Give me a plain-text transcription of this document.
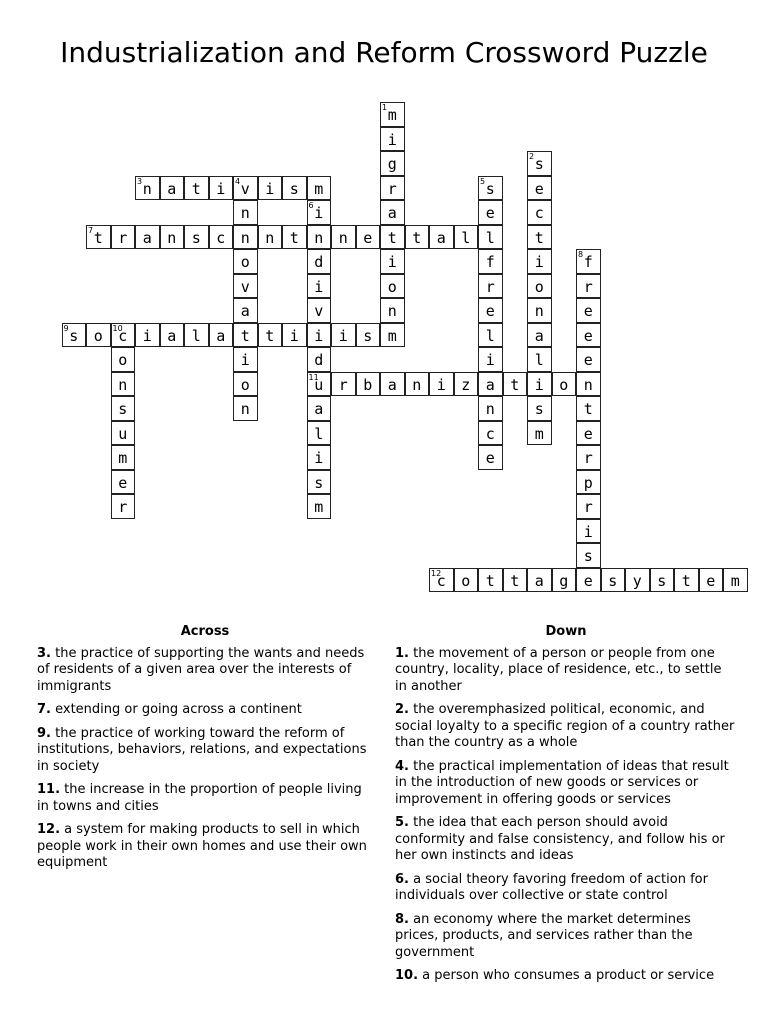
Industrialization and Reform Crossword Puzzle
1 m
i
g
r
a
t
i
o
n
2 s
e
c
t
i
o
n
a
l
i
s
m
3 n	a	t	i	4 v	i	s	m
n
n
o
v
a
t
i
o
n
5 s
e
l
f
r
e
l
i
a
n
c
e
6 i
n
d
i
v
i
d
11
u
a
l
i
s
m
7 t	r	a	n	s	c	n	t	n	e	t	a	l
8 f
r
e
e
e
n
t
e
r
p
r
i
s
e
9 s	o	10
c	i	a	l	a	t	i	i	s	m
o
n
s
u
m
e
r
r	b	a	n	i	z	t	o
12
c	o	t	t	a	g	s	y	s	t	e	m
Across
3. the practice of supporting the wants and needs of residents of a given area over the interests of immigrants
7. extending or going across a continent
9. the practice of working toward the reform of institutions, behaviors, relations, and expectations in society
11. the increase in the proportion of people living in towns and cities
12. a system for making products to sell in which people work in their own homes and use their own equipment
Down
1. the movement of a person or people from one country, locality, place of residence, etc., to settle in another
2. the overemphasized political, economic, and social loyalty to a specific region of a country rather than the country as a whole
4. the practical implementation of ideas that result in the introduction of new goods or services or improvement in offering goods or services
5. the idea that each person should avoid conformity and false consistency, and follow his or her own instincts and ideas
6. a social theory favoring freedom of action for individuals over collective or state control
8. an economy where the market determines prices, products, and services rather than the government
10. a person who consumes a product or service
